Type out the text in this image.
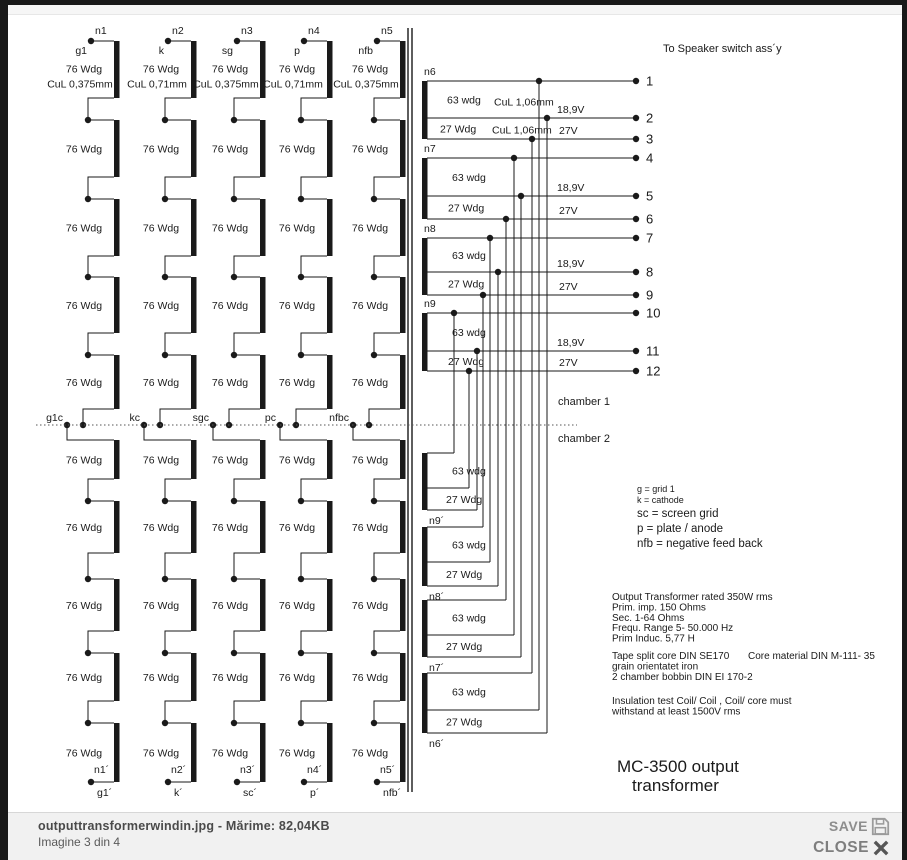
n1
g1
76 Wdg
CuL 0,375mm
76 Wdg
76 Wdg
76 Wdg
76 Wdg
g1c
76 Wdg
76 Wdg
76 Wdg
76 Wdg
76 Wdg
n1´
g1´
n2
k
76 Wdg
CuL 0,71mm
76 Wdg
76 Wdg
76 Wdg
76 Wdg
kc
76 Wdg
76 Wdg
76 Wdg
76 Wdg
76 Wdg
n2´
k´
n3
sg
76 Wdg
CuL 0,375mm
76 Wdg
76 Wdg
76 Wdg
76 Wdg
sgc
76 Wdg
76 Wdg
76 Wdg
76 Wdg
76 Wdg
n3´
sc´
n4
p
76 Wdg
CuL 0,71mm
76 Wdg
76 Wdg
76 Wdg
76 Wdg
pc
76 Wdg
76 Wdg
76 Wdg
76 Wdg
76 Wdg
n4´
p´
n5
nfb
76 Wdg
CuL 0,375mm
76 Wdg
76 Wdg
76 Wdg
76 Wdg
nfbc
76 Wdg
76 Wdg
76 Wdg
76 Wdg
76 Wdg
n5´
nfb´
n6
63 wdg
27 Wdg
CuL 1,06mm
CuL 1,06mm
18,9V
27V
n7
63 wdg
27 Wdg
18,9V
27V
n8
63 wdg
27 Wdg
18,9V
27V
n9
63 wdg
27 Wdg
18,9V
27V
1
2
3
4
5
6
7
8
9
10
11
12
n9´
63 wdg
27 Wdg
n8´
63 wdg
27 Wdg
n7´
63 wdg
27 Wdg
n6´
63 wdg
27 Wdg
chamber 1
chamber 2
To Speaker switch ass´y
g = grid 1
k = cathode
sc = screen grid
p = plate / anode
nfb = negative feed back
Output Transformer rated 350W rms
Prim. imp. 150 Ohms
Sec. 1-64 Ohms
Frequ. Range 5- 50.000 Hz
Prim Induc. 5,77 H
Tape split core DIN SE170
grain orientatet iron
2 chamber bobbin DIN EI 170-2
Core material DIN M-111- 35
Insulation test Coil/ Coil , Coil/ core must
withstand at least 1500V rms
MC-3500 output
transformer
outputtransformerwindin.jpg - Mărime: 82,04KB
Imagine 3 din 4
SAVE
CLOSE
